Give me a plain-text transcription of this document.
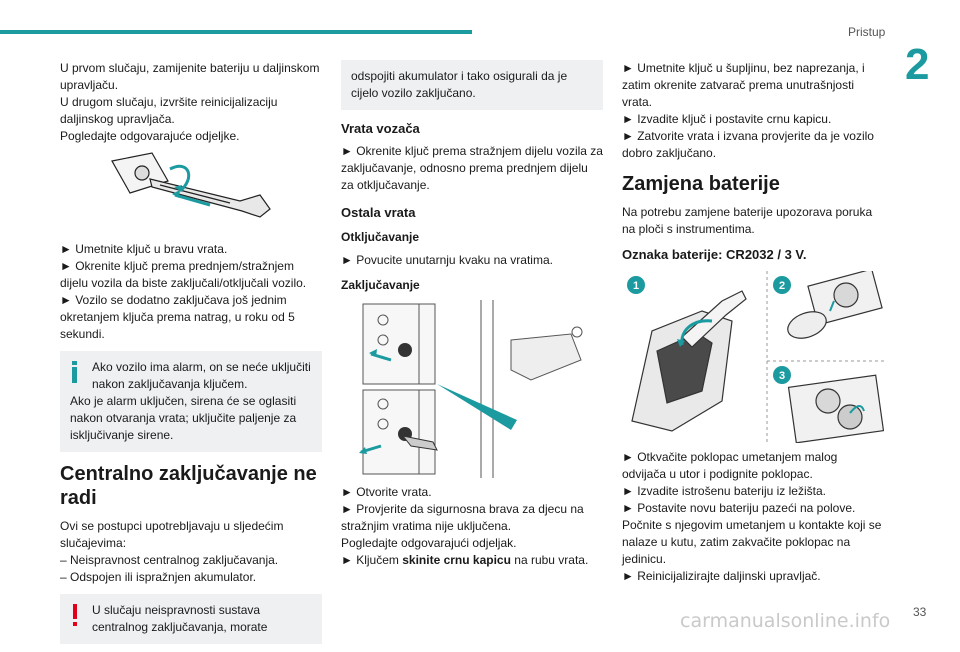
Pristup
2

U prvom slučaju, zamijenite bateriju u daljinskom upravljaču.

U drugom slučaju, izvršite reinicijalizaciju daljinskog upravljača.

Pogledajte odgovarajuće odjeljke.

► Umetnite ključ u bravu vrata.

► Okrenite ključ prema prednjem/stražnjem dijelu vozila da biste zaključali/otključali vozilo.

► Vozilo se dodatno zaključava još jednim okretanjem ključa prema natrag, u roku od 5 sekundi.

Ako vozilo ima alarm, on se neće uključiti nakon zaključavanja ključem.

Ako je alarm uključen, sirena će se oglasiti nakon otvaranja vrata; uključite paljenje za isključivanje sirene.

Centralno zaključavanje ne radi

Ovi se postupci upotrebljavaju u sljedećim slučajevima:

– Neispravnost centralnog zaključavanja.

– Odspojen ili ispražnjen akumulator.

U slučaju neispravnosti sustava centralnog zaključavanja, morate

odspojiti akumulator i tako osigurali da je cijelo vozilo zaključano.

Vrata vozača

► Okrenite ključ prema stražnjem dijelu vozila za zaključavanje, odnosno prema prednjem dijelu za otključavanje.

Ostala vrata
Otključavanje

► Povucite unutarnju kvaku na vratima.

Zaključavanje

► Otvorite vrata.

► Provjerite da sigurnosna brava za djecu na stražnjim vratima nije uključena.

Pogledajte odgovarajući odjeljak.

► Ključem skinite crnu kapicu na rubu vrata.

► Umetnite ključ u šupljinu, bez naprezanja, i zatim okrenite zatvarač prema unutrašnjosti vrata.

► Izvadite ključ i postavite crnu kapicu.

► Zatvorite vrata i izvana provjerite da je vozilo dobro zaključano.

Zamjena baterije

Na potrebu zamjene baterije upozorava poruka na ploči s instrumentima.

Oznaka baterije: CR2032 / 3 V.

1	2
3

► Otkvačite poklopac umetanjem malog odvijača u utor i podignite poklopac.

► Izvadite istrošenu bateriju iz ležišta.

► Postavite novu bateriju pazeći na polove.

Počnite s njegovim umetanjem u kontakte koji se nalaze u kutu, zatim zakvačite poklopac na jedinicu.

► Reinicijalizirajte daljinski upravljač.

33
carmanualsonline.info
